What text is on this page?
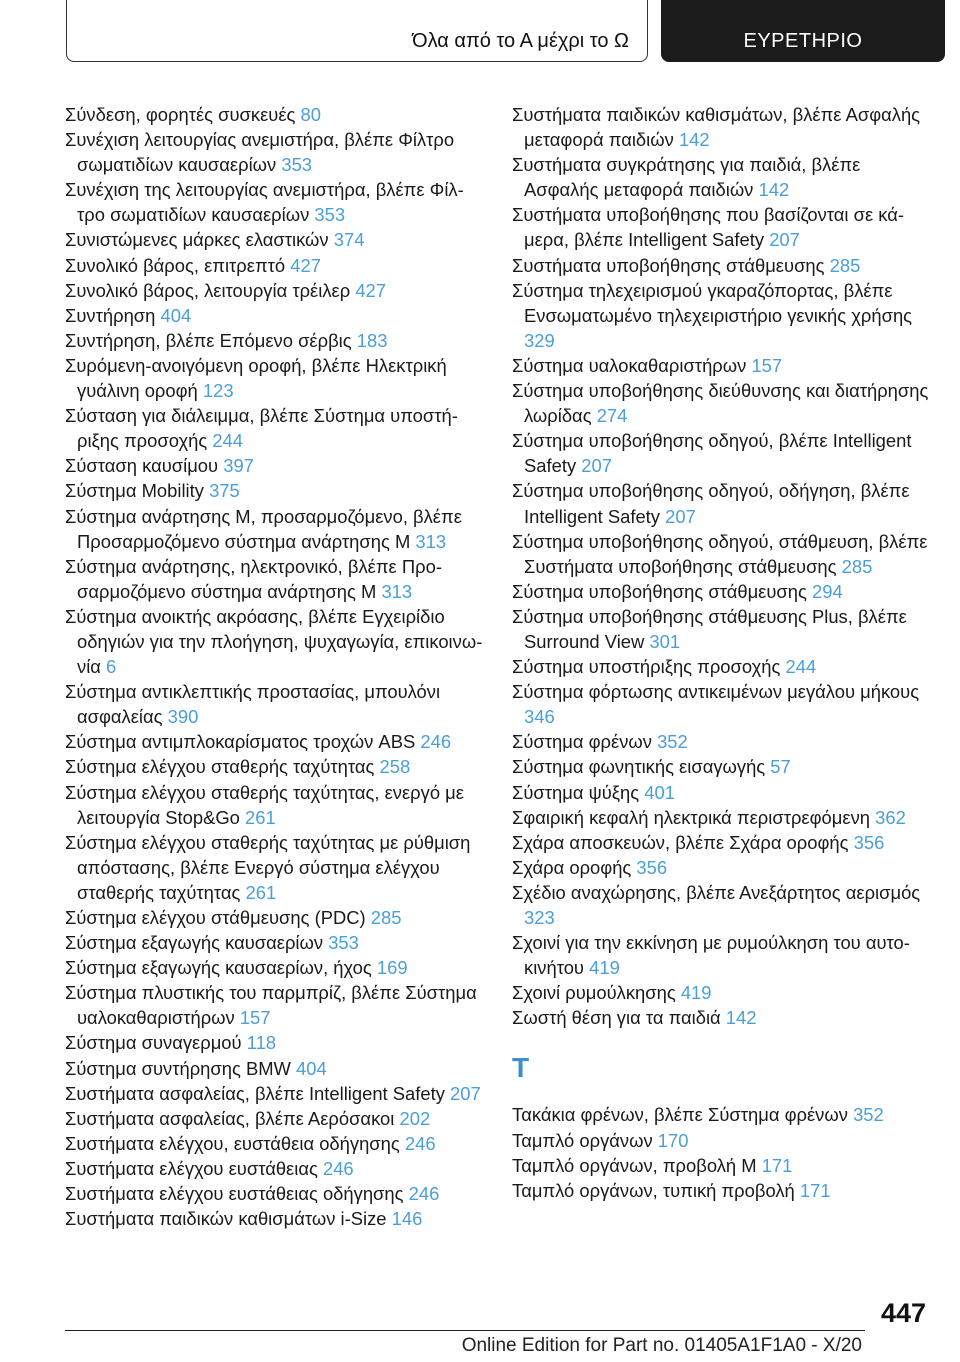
Όλα από το Α μέχρι το Ω	ΕΥΡΕΤΗΡΙΟ
Σύνδεση, φορητές συσκευές 80
Συνέχιση λειτουργίας ανεμιστήρα, βλέπε Φίλτρο σωματιδίων καυσαερίων 353
Συνέχιση της λειτουργίας ανεμιστήρα, βλέπε Φίλτρο σωματιδίων καυσαερίων 353
Συνιστώμενες μάρκες ελαστικών 374
Συνολικό βάρος, επιτρεπτό 427
Συνολικό βάρος, λειτουργία τρέιλερ 427
Συντήρηση 404
Συντήρηση, βλέπε Επόμενο σέρβις 183
Συρόμενη-ανοιγόμενη οροφή, βλέπε Ηλεκτρική γυάλινη οροφή 123
Σύσταση για διάλειμμα, βλέπε Σύστημα υποστήριξης προσοχής 244
Σύσταση καυσίμου 397
Σύστημα Mobility 375
Σύστημα ανάρτησης M, προσαρμοζόμενο, βλέπε Προσαρμοζόμενο σύστημα ανάρτησης M 313
Σύστημα ανάρτησης, ηλεκτρονικό, βλέπε Προσαρμοζόμενο σύστημα ανάρτησης M 313
Σύστημα ανοικτής ακρόασης, βλέπε Εγχειρίδιο οδηγιών για την πλοήγηση, ψυχαγωγία, επικοινωνία 6
Σύστημα αντικλεπτικής προστασίας, μπουλόνι ασφαλείας 390
Σύστημα αντιμπλοκαρίσματος τροχών ABS 246
Σύστημα ελέγχου σταθερής ταχύτητας 258
Σύστημα ελέγχου σταθερής ταχύτητας, ενεργό με λειτουργία Stop&Go 261
Σύστημα ελέγχου σταθερής ταχύτητας με ρύθμιση απόστασης, βλέπε Ενεργό σύστημα ελέγχου σταθερής ταχύτητας 261
Σύστημα ελέγχου στάθμευσης (PDC) 285
Σύστημα εξαγωγής καυσαερίων 353
Σύστημα εξαγωγής καυσαερίων, ήχος 169
Σύστημα πλυστικής του παρμπρίζ, βλέπε Σύστημα υαλοκαθαριστήρων 157
Σύστημα συναγερμού 118
Σύστημα συντήρησης BMW 404
Συστήματα ασφαλείας, βλέπε Intelligent Safety 207
Συστήματα ασφαλείας, βλέπε Αερόσακοι 202
Συστήματα ελέγχου, ευστάθεια οδήγησης 246
Συστήματα ελέγχου ευστάθειας 246
Συστήματα ελέγχου ευστάθειας οδήγησης 246
Συστήματα παιδικών καθισμάτων i-Size 146
Συστήματα παιδικών καθισμάτων, βλέπε Ασφαλής μεταφορά παιδιών 142
Συστήματα συγκράτησης για παιδιά, βλέπε Ασφαλής μεταφορά παιδιών 142
Συστήματα υποβοήθησης που βασίζονται σε κάμερα, βλέπε Intelligent Safety 207
Συστήματα υποβοήθησης στάθμευσης 285
Σύστημα τηλεχειρισμού γκαραζόπορτας, βλέπε Ενσωματωμένο τηλεχειριστήριο γενικής χρήσης 329
Σύστημα υαλοκαθαριστήρων 157
Σύστημα υποβοήθησης διεύθυνσης και διατήρησης λωρίδας 274
Σύστημα υποβοήθησης οδηγού, βλέπε Intelligent Safety 207
Σύστημα υποβοήθησης οδηγού, οδήγηση, βλέπε Intelligent Safety 207
Σύστημα υποβοήθησης οδηγού, στάθμευση, βλέπε Συστήματα υποβοήθησης στάθμευσης 285
Σύστημα υποβοήθησης στάθμευσης 294
Σύστημα υποβοήθησης στάθμευσης Plus, βλέπε Surround View 301
Σύστημα υποστήριξης προσοχής 244
Σύστημα φόρτωσης αντικειμένων μεγάλου μήκους 346
Σύστημα φρένων 352
Σύστημα φωνητικής εισαγωγής 57
Σύστημα ψύξης 401
Σφαιρική κεφαλή ηλεκτρικά περιστρεφόμενη 362
Σχάρα αποσκευών, βλέπε Σχάρα οροφής 356
Σχάρα οροφής 356
Σχέδιο αναχώρησης, βλέπε Ανεξάρτητος αερισμός 323
Σχοινί για την εκκίνηση με ρυμούλκηση του αυτοκινήτου 419
Σχοινί ρυμούλκησης 419
Σωστή θέση για τα παιδιά 142
T
Τακάκια φρένων, βλέπε Σύστημα φρένων 352
Ταμπλό οργάνων 170
Ταμπλό οργάνων, προβολή M 171
Ταμπλό οργάνων, τυπική προβολή 171
447
Online Edition for Part no. 01405A1F1A0 - X/20
